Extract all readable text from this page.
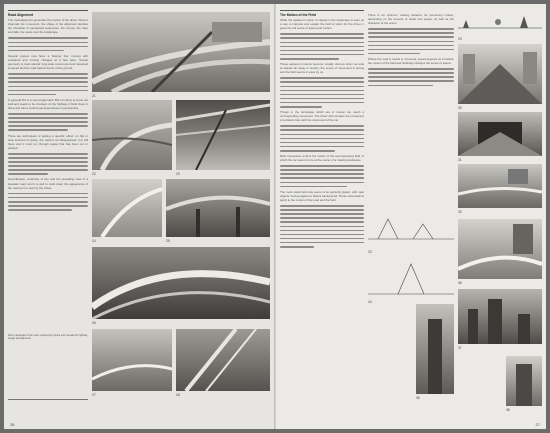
Road Alignment

The road alignment generates the motion of the driver. Since it channels his movement, the shape of the alignment decides the character of perceptual sequences, the curves, the rises and falls, the views over the landscape.

Several system now favor a 'flowing' line: moving with sustained and curving changes at a fast pace. Simple geometry is most natural: long wide curves are best traversed at speed and the road follows the lie of the ground.

In general this is a sound approach. But it is likely to come out well and needs to be checked. At the highway it finds clues in three and has a continuous dependence in perspective.

There are techniques of getting a specific effect: on flat or slow sections of space, the road is not disappointed, it is still there and it must run through space that has been cut or passed.

Nevertheless, continuity of line and the prevailing view of a pleasant road, and it is well to mark down the appearance of the road as it is seen by the driver.

Note: Landscape of the road, engineering reports and manuals for highway design and alignment.
21
22	23
24	25
26
27	28
26
The Motion of the Field

While the apparent motion of objects in the landscape is seen as a way to interpret and explain the field of vision for the driver, it gives the full sense of speed and motion.

These apparent motions become visually obvious when we look at objects far away or nearby; the sense of movement is strong and the field seems to pass by us.

Things in the landscape which are in motion too reach a corresponding movement. The driver will compare the movement of a distant train with the movement of his car.

Most impressive of all is the motion of the accompanying field, in which the car seems to be at the center of a rotating landscape.

The most usual field may seem to be perfectly plastic, with near objects moving against a distant background. These observations apply to the motion of the road and the field.

There is an optimum viewing distance for perceiving motion, depending on the amount of detail and speed, as well as the character of the scene.

Where the road is roofed or screened, speed appears as a hazard; the motion of the field and buildings changes the sense of speed.

29
30
31
32
33
34
35
36
37
38
27
